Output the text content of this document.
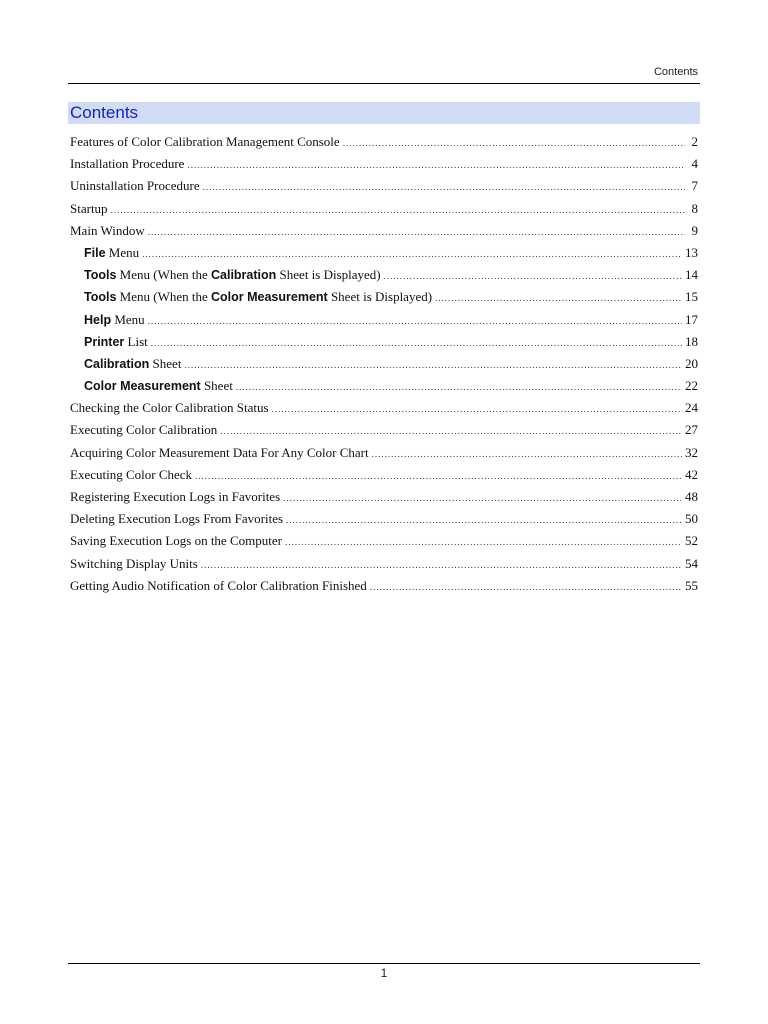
Contents
Contents
Features of Color Calibration Management Console .....	2
Installation Procedure .....	4
Uninstallation Procedure .....	7
Startup .....	8
Main Window .....	9
File Menu .....	13
Tools Menu (When the Calibration Sheet is Displayed) .....	14
Tools Menu (When the Color Measurement Sheet is Displayed) .....	15
Help Menu .....	17
Printer List .....	18
Calibration Sheet .....	20
Color Measurement Sheet .....	22
Checking the Color Calibration Status .....	24
Executing Color Calibration .....	27
Acquiring Color Measurement Data For Any Color Chart .....	32
Executing Color Check .....	42
Registering Execution Logs in Favorites .....	48
Deleting Execution Logs From Favorites .....	50
Saving Execution Logs on the Computer .....	52
Switching Display Units .....	54
Getting Audio Notification of Color Calibration Finished .....	55
1
